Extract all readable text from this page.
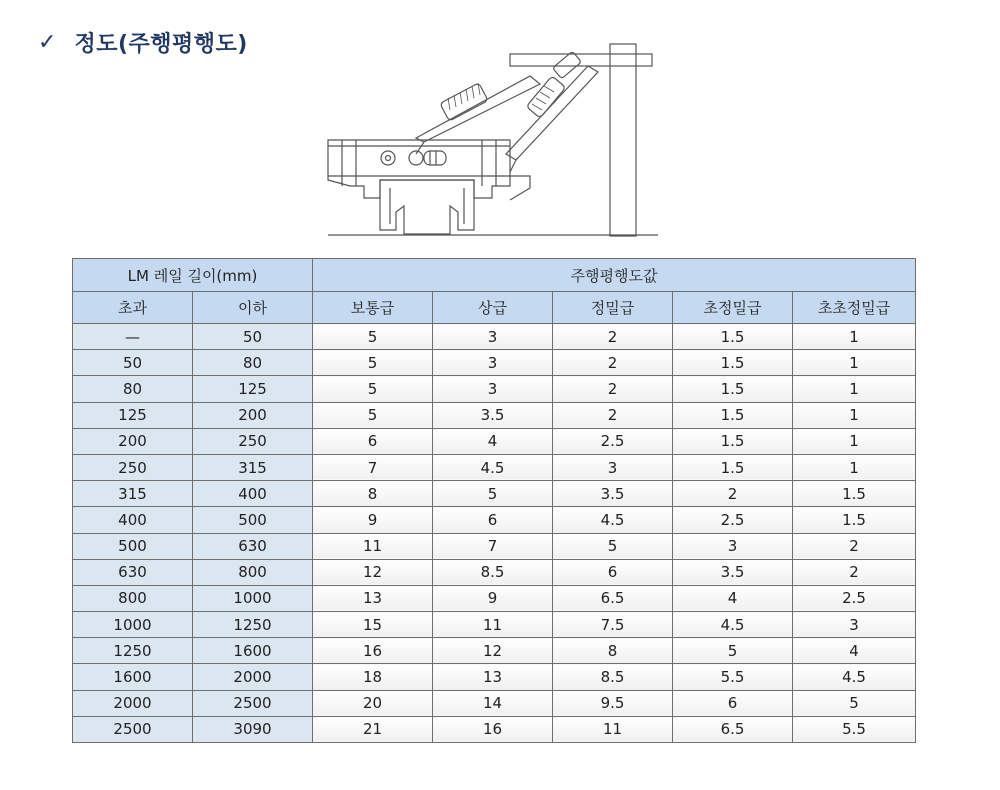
✓ 정도(주행평행도)
LM 레일 길이(mm)		주행평행도값				
초과	이하	보통급	상급	정밀급	초정밀급	초초정밀급
—	50	5	3	2	1.5	1
50	80	5	3	2	1.5	1
80	125	5	3	2	1.5	1
125	200	5	3.5	2	1.5	1
200	250	6	4	2.5	1.5	1
250	315	7	4.5	3	1.5	1
315	400	8	5	3.5	2	1.5
400	500	9	6	4.5	2.5	1.5
500	630	11	7	5	3	2
630	800	12	8.5	6	3.5	2
800	1000	13	9	6.5	4	2.5
1000	1250	15	11	7.5	4.5	3
1250	1600	16	12	8	5	4
1600	2000	18	13	8.5	5.5	4.5
2000	2500	20	14	9.5	6	5
2500	3090	21	16	11	6.5	5.5
